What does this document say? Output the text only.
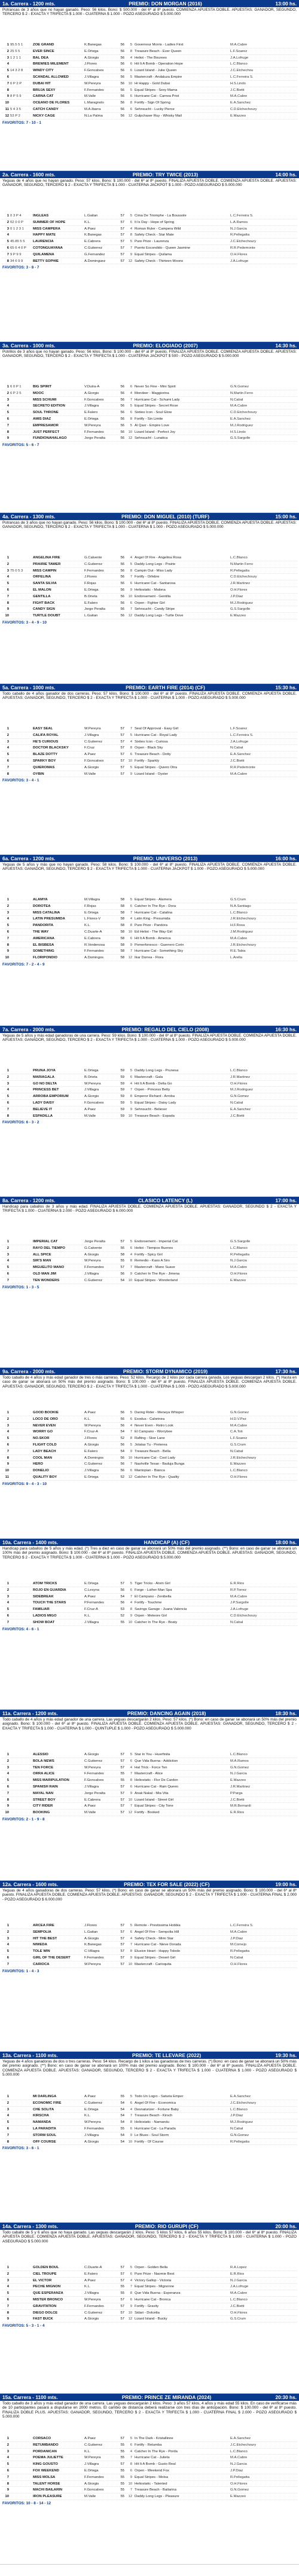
1a. Carrera - 1200 mts.	PREMIO: DON MORGAN (2016)	13:00 hs.
Potrancas de 3 años que no hayan ganado. Peso: 56 kilos. Bono: $ 500.000 - del 6º al 8º puesto. COMIENZA APUESTA DOBLE. APUESTAS: GANADOR, SEGUNDO, TERCERO $ 2 - EXACTA Y TRIFECTA $ 1.000 - CUATERNA $ 1.000 - POZO ASEGURADO $ 5.000.000
1 95.5 5 1	ZOE GRAND	K.Banegas	56	5 Governeur Morris - Ladies First	M.A.Cabre
2 25 5 5	EVER SINCE	E.Ortega	56	8 Treasure Beach - Ever Queen	L.F.Soarez
3 1 2 1 1	BAL DEA	A.Giorgis	56	4 Heliot - The Bourees	J.A.Lofruge
4	BREWIES MILEMENT	J.Flores	56	6 Hit It A Bomb - Operation Hope	L.C.Blanco
5 14 3 2 8	WINDY CITY	F.Goncalves	56	6 Lizard Island - Juke Queen	J.C.Etchechou
6	SCANDAL ALLOWED	J.Villagra	56	5 Mastercraft - Andaluza Empire	L.C.Ferreira S.
7 6 P 2 P	DUBAI HIT	W.Pereyra	56	10 Hi Happy - Gold Dubai	H.S.Lindo
8	BRUJA SEXY	F.Fernandes	56	5 Equal Stripes - Sexy Mama	J.C.Bietti
9 8 P 5 9	CARNA CAT	M.Valle	56	6 Hurricane Cat - Carnea Prist	M.A.Cabre
10	OCEANO DE FLORES	L.Maragnolo	56	8 Fortify - Sign Of Spring	E.A.Sanchez
11 5 4 3 5	CATCH CANDY	M.A.Ibarra	56	6 Sehnsucht - Lucky Pierce	C.D.Etchechoury
12 53 P 2	NICKY CAGE	N.La Palma	56	12 Gulpchaser Ruy - Whisky Mail	E.Mazzeo
FAVORITOS: 7 - 10 - 1
2a. Carrera - 1600 mts.	PREMIO: TRY TWICE (2013)	14:00 hs.
Yeguas de 4 años que no hayan ganado. Peso: 57 kilos. Bono: $ 100.000 - del 6º al 8º puesto. FINALIZA APUESTA DOBLE. COMIENZA APUESTA DOBLE. APUESTAS: GANADOR, SEGUNDO, TERCERO $ 2 - EXACTA Y TRIFECTA $ 1.000 - CUATERNA JACKPOT $ 1.000 - POZO ASEGURADO $ 5.000.000
1 0 3 P 4	INGLEAS	L.Gaitan	57	5 Cima De Triomphe - La Boussole	L.C.Ferreira S.
2 02 0 0 P	SUMMER OF HOPE	K.L.	57	6 It Is Day - Hope of Spring	L.A.Ramos
3 0 1 2 3 1	MISS CAMPERA	A.Paez	57	4 Roman Ruler - Campera Wild	N.J.Garcia
4	HAPPY MATE	K.Banegas	57	8 Safety Check - Star Mate	R.Pellegatta
5 45.85 5 5	LAURENCIA	E.Cabrera	57	5 Pure Prize - Laurenza	J.C.Etchechoury
6 65 6 4 0 P	COTONGUAYANA	C.Gutierrez	57	7 Puerto Escondido - Queen Jasmine	R.R.Pedemonte
7 9 P 9 9	QUILAMENA	G.Fernandez	57	9 Equal Stripes - Quilama	O.H.Flores
8 34 6 9 9	BETTY SOPHIE	A.Dominguez	57	12 Safety Check - Thirteen Moons	J.A.Lofruge
FAVORITOS: 3 - 8 - 7
3a. Carrera - 1000 mts.	PREMIO: ELOGIADO (2007)	14:30 hs.
Potrillos de 3 años que no hayan ganado. Peso: 56 kilos. Bono: $ 100.000 - del 6º al 8º puesto. FINALIZA APUESTA DOBLE. COMIENZA APUESTA DOBLE. APUESTAS: GANADOR, SEGUNDO, TERCERO $ 2 - EXACTA Y TRIFECTA $ 1.000 - CUATERNA JACKPOT $ 500 - POZO ASEGURADO $ 5.000.000
1 6 0 P 1	BIG SPIRIT	V.Dutra-A	56	6 Never So Fine - Mini Spirit	G.N.Gomez
2 6 P 2 5	MOOC	A.Giorgis	56	4 Mondeer - Maggiorina	N.Martin Ferro
3	MISS SCHUMI	F.Goncalves	56	7 Hurricane Cat - Schumi Lady	N.Cabal
4	SECRETO EDITION	J.Villagra	56	5 Equal Stripes - Secret Rose	M.A.Cabre
5	SOUL THRONE	E.Falero	56	6 Sixties Icon - Soul Glow	C.D.Etchechoury
6	AMIS DIAZ	E.Ortega	56	8 Fortify - Sin Limite	E.A.Sanchez
7	EMPRESAMOR	W.Pereyra	56	5 Al Qasr - Empire Love	M.J.Rodriguez
8	JUST PERFECT	F.Fernandes	56	10 Lizard Island - Perfect Joy	H.S.Lindo
9	FUNDIONAHALAGO	Jorge Peralta	56	12 Sehnsucht - Lunatica	G.S.Sargolle
FAVORITOS: 5 - 6 - 7
4a. Carrera - 1300 mts.	PREMIO: DON MIGUEL (2010) (TURF)	15:00 hs.
Potrancas de 3 años que no hayan ganado. Peso: 56 kilos. Bono: $ 100.000 - del 6º al 8º puesto. FINALIZA APUESTA DOBLE. COMIENZA APUESTA DOBLE. APUESTAS: GANADOR, SEGUNDO, TERCERO $ 2 - EXACTA Y TRIFECTA $ 1.000 - CUATERNA $ 1.000 - POZO ASEGURADO $ 5.000.000
1	ANGELINA FIRE	G.Calvente	56	4 Angel Of Fire - Angelina Rosa	L.C.Blanco
2	PRAIRIE TAWER	C.Gutierrez	56	5 Daddy Long Legs - Prairie	N.Martin Ferro
3 75 0 5 3	MISS CAMPIN	F.Fernandes	56	8 Campin Out - Miss Lady	R.Pellegatta
4	ORFELINA	J.Flores	56	7 Fortify - Orfebre	C.D.Etchechoury
5	SANTA SILVIA	F.Rojas	56	6 Hurricane Cat - Santarosa	J.R.Martinez
6	EL MALON	E.Ortega	56	9 Heliostatic - Malona	O.H.Flores
7	GENTILLA	B.Orieta	56	10 Endorsement - Gentilla	J.P.Diaz
8	FIGHT BACK	E.Falero	56	6 Orpen - Fighter Girl	M.J.Rodriguez
9	CANDY SIGN	Jorge Peralta	56	7 Sehnsucht - Candy Stripe	G.S.Sargolle
10	TURTLE DOUBT	L.Gaitan	56	12 Daddy Long Legs - Turtle Dove	E.Mazzeo
FAVORITOS: 3 - 4 - 9 - 10
5a. Carrera - 1000 mts.	PREMIO: EARTH FIRE (2014) (CF)	15:30 hs.
Todo caballo de 4 años ganador de dos carreras. Peso: 57 kilos. Bono: $ 100.000 - del 6º al 8º puesto. FINALIZA APUESTA DOBLE. COMIENZA APUESTA DOBLE. APUESTAS: GANADOR, SEGUNDO, TERCERO $ 2 - EXACTA Y TRIFECTA $ 1.000 - CUATERNA $ 1.000 - POZO ASEGURADO $ 5.000.000
1	EASY SEAL	W.Pereyra	57	7 Seal Of Approval - Easy Girl	L.F.Soarez
2	CALIFA ROYAL	J.Villagra	57	5 Hurricane Cat - Royal Lady	L.C.Ferreira S.
3	HE'S CURIOUS	C.Gutierrez	57	4 Sixties Icon - Curiosa	J.A.Lofruge
4	DOCTOR BLACKSKY	F.Cruz	57	8 Orpen - Black Sky	N.Cabal
5	BLAZE DOTTY	A.Paez	57	6 Treasure Beach - Dotty	E.A.Sanchez
6	SPARKY BOY	F.Goncalves	57	10 Fortify - Sparkly	J.C.Bietti
7	QUIEROMAS	A.Giorgis	57	5 Equal Stripes - Quiero Otra	R.R.Pedemonte
8	OYBIN	M.Valle	57	9 Lizard Island - Oyster	M.A.Cabre
FAVORITOS: 3 - 4 - 1
6a. Carrera - 1200 mts.	PREMIO: UNIVERSO (2013)	16:00 hs.
Yeguas de 5 años y más que no hayan ganado. Peso: 58 kilos. Bono: $ 100.000 - del 6º al 8º puesto. FINALIZA APUESTA DOBLE. COMIENZA APUESTA DOBLE. APUESTAS: GANADOR, SEGUNDO, TERCERO $ 2 - EXACTA Y TRIFECTA $ 1.000 - CUATERNA JACKPOT $ 1.000 - POZO ASEGURADO $ 5.000.000
1	ALAMYA	M.Villagra	58	5 Equal Stripes - Alamera	G.S.Crum
2	DOROTEA	F.Rojas	58	6 Catcher In The Rye - Dora	N.A.Santiago
3	MISS CATALINA	E.Ortega	58	7 Hurricane Cat - Catalina	L.C.Blanco
4	LATIN PRESUMIDA	L.Flores-V	58	4 Latin King - Presumida	J.R.Etchechoury
5	PANDORITA	K.L.	58	8 Pure Prize - Pandora	H.F.Rosa
6	THE WAY	C.Duarte-A	58	10 Ed Heliot - The Way Girl	J.M.Rodriguez
7	AMERICANA	E.Cabrera	58	6 Hit It A Bomb - America	M.A.Cabre
8	EL BISBESA	R.Verdenosa	58	9 Pomerfonesco - Guerrero Corin	J.R.Etchechoury
9	SOMETHING	F.Fernandes	58	7 Hurricane Cat - Something Sky	R.E.Tabia
10	FLORIPONDIO	A.Domingos	58	12 Ikar Dorrea - Flora	L.Arella
FAVORITOS: 7 - 2 - 4 - 9
7a. Carrera - 2000 mts.	PREMIO: REGALO DEL CIELO (2008)	16:30 hs.
Yeguas de 5 años y más edad ganadoras de una carrera. Peso: 59 kilos. Bono: $ 100.000 - del 6º al 8º puesto. FINALIZA APUESTA DOBLE. COMIENZA APUESTA DOBLE. APUESTAS: GANADOR, SEGUNDO, TERCERO $ 2 - EXACTA Y TRIFECTA $ 1.000 - CUATERNA $ 1.000 - POZO ASEGURADO $ 5.000.000
1	PRUNA JOYA	E.Ortega	59	5 Daddy Long Legs - Prunesa	L.C.Blanco
2	MARIAGALA	B.Orieta	59	6 Mastercraft - Gala	J.R.Martinez
3	GO NO DELTA	W.Pereyra	59	4 Hit It A Bomb - Delta Go	O.H.Flores
4	PRINCESS BET	J.Villagra	59	7 Orpen - Princess Betty	M.J.Rodriguez
5	ARROBA EMPORIUM	A.Giorgis	59	8 Emperor Richard - Arroba	G.N.Gomez
6	LADY DAISY	F.Goncalves	59	5 Equal Stripes - Daisy Lady	N.Cabal
7	BELIEVE IT	A.Paez	59	9 Sehnsucht - Believer	E.A.Sanchez
8	ESPADILLA	M.Valle	59	10 Treasure Beach - Espada	J.C.Bietti
FAVORITOS: 6 - 3 - 2
8a. Carrera - 1200 mts.	CLASICO LATENCY (L)	17:00 hs.
Handicap para caballos de 3 años y más edad. FINALIZA APUESTA DOBLE. COMIENZA APUESTA DOBLE. APUESTAS: GANADOR, SEGUNDO $ 2 - EXACTA Y TRIFECTA $ 1.000 - CUATERNA $ 2.000 - POZO ASEGURADO $ 6.000.000
1	IMPERIAL CAT	Jorge Peralta	57	5 Endorsement - Imperial Cat	G.S.Sargolle
2	RAYO DEL TIEMPO	G.Calvente	56	6 Heliot - Tiempos Buenos	L.C.Blanco
3	ALL SPICE	A.Giorgis	58	4 Fortify - Spicy Girl	R.Pellegatta
4	SIR'S MAN	W.Pereyra	55	8 Remedio - Kaos A Sirs	N.J.Garcia
5	MIGUELITO MANO	F.Fernandes	57	7 Mastercraft - Mano Suave	M.A.Cabre
6	OLD MAN JIM	J.Villagra	56	9 Catcher In The Rye - Jimena	O.H.Flores
7	TEN WONDERS	C.Gutierrez	54	10 Equal Stripes - Wonderland	E.Mazzeo
FAVORITOS: 1 - 3 - 5
9a. Carrera - 2000 mts.	PREMIO: STORM DYNAMICO (2019)	17:30 hs.
Todo caballo de 4 años y más edad ganador de tres o más carreras. Peso: 52 kilos. Recargo de 2 kilos por cada carrera ganada. Los yeguas descargan 2 kilos. (*) Hasta en caso de ganar se abonará un 50% más del premio asignado. Bono: $ 100.000 - del 6º al 8º puesto. FINALIZA APUESTA DOBLE. COMIENZA APUESTA DOBLE. APUESTAS: GANADOR, SEGUNDO, TERCERO $ 2 - EXACTA Y TRIFECTA $ 1.000 - CUATERNA $ 1.000 - POZO ASEGURADO $ 5.000.000
1	GOOD BOOKIE	A.Paez	56	5 Daring Rider - Meneya Whisper	G.N.Gomez
2	LOCO DE ORO	K.L.	56	6 Exodus - Calorinea	H.D.V.Pez
3	NEVER EVEN	W.Pereyra	56	4 Never Even - Retro Look	M.A.Cabre
4	WORRY GO	F.Cruz-A	54	7 El Campano - Worrybee	C.A.Toti
5	NO.SKOR	J.Flores	52	8 Rafting - Skor Lane	L.F.Soarez
6	FLIGHT COLD	A.Giorgis	56	5 Jolatas Tu - Preterea	G.S.Crum
7	LADY BEACH	E.Falero	54	9 Treasure Beach - Bella	N.Cabal
8	COOL MAN	A.Domingos	56	10 Hurricane Cat - Cool Lady	J.R.Etchechoury
9	HERO	C.Gutierrez	56	7 Nashville Texan - Baduja Bunga	E.Mazzeo
10	DONELIO	J.Villagra	56	6 Mantopian - Bianca	L.C.Blanco
11	QUALITY BOY	E.Ortega	52	12 Catcher In The Rye - Quality	O.H.Flores
FAVORITOS: 9 - 4 - 3 - 10
10a. Carrera - 1400 mts.	HANDICAP (A) (CF)	18:00 hs.
Handicap para caballos de 5 años y más edad. (*) Tres a diez en caso de ganar se abonará un 50% más del premio asignado. (**) Bono: en caso de ganar se abonará un 100% más del premio asignado. Bono: $ 100.000 - del 6º al 8º puesto. FINALIZA APUESTA DOBLE. COMIENZA APUESTA DOBLE. APUESTAS: GANADOR, SEGUNDO, TERCERO $ 2 - EXACTA Y TRIFECTA $ 1.000 - CUATERNA $ 1.000 - POZO ASEGURADO $ 5.000.000
1	ATOM TRICKS	E.Ortega	57	5 Tiger Tricks - Atom Girl	E.R.Rios
2	ROJO EN GUARDIA	C.Lesyna	56	6 Forge - Luther Man Spa	R.P.Torrez
3	SIDEBREAK	A.Paez	54	7 El Campano - Zenibella	M.A.Cabre
4	TOUCH THE STARS	P.Fernandes	56	4 Fortify - Touchme	J.P.Sargolle
5	FAMILIAR	F.Cruz-A	53	8 Savings Garage - Juana Valencia	J.A.Lofruge
6	LADIOS MIGO	K.L.	52	9 Orpen - Meteore Girl	C.D.Etchechoury
7	SHOW BOAT	J.Villagra	55	10 Catcher In The Rye - Boaty	N.Cabal
FAVORITOS: 4 - 6 - 1
11a. Carrera - 1200 mts.	PREMIO: DANCING AGAIN (2018)	18:30 hs.
Todo caballo de 4 años y más edad ganador de una carrera. Las yeguas descargarán 2 kilos. Peso: 57 kilos. (*) Bono: en caso de ganar se abonará un 50% más del premio asignado. Bono: $ 100.000 - del 6º al 8º puesto. FINALIZA APUESTA DOBLE. COMIENZA APUESTA DOBLE. APUESTAS: GANADOR, SEGUNDO, TERCERO $ 2 - EXACTA Y TRIFECTA $ 1.000 - CUATERNA $ 1.000 - QUINTUPLE $ 1.000 - POZO ASEGURADO $ 5.000.000
1	ALESSIO	A.Giorgis	57	5 Star In You - Huerfinita	L.C.Blanco
2	BOLA NEWS	C.Gutierrez	57	6 Que Vida Buena - Addiction	M.A.Ramos
3	TEN FORCE	W.Pereyra	57	4 Hat Trick - Force Ten	G.N.Gomez
4	ORRA ALICE	F.Fernandes	55	7 Mastercraft - Alice	N.J.Garcia
5	MISS MARIPULATION	F.Goncalves	55	8 Heliostatic - Flor De Cardon	E.Mazzeo
6	SPANISH RAIN	J.Villagra	57	6 Hurricane Cat - Rain Queen	J.R.Martinez
7	MAYAL NAN	Jorge Peralta	57	9 Anak Nakal - Mia Vita	P.Parga
8	STREET BOY	E.Cabrera	57	10 Lizard Island - Street Girl	J.C.Bietti
9	CITY RIDER	A.Paez	57	7 Equal Stripes - City Tone	M.R.Bernardi
10	BOOKING	M.Valle	57	12 Fortify - Booked	E.R.Rios
FAVORITOS: 2 - 1 - 9 - 8
12a. Carrera - 1600 mts.	PREMIO: TEX FOR SALE (2022) (CF)	19:00 hs.
Yeguas de 4 años ganadoras de dos carreras. Peso: 57 kilos. (*) Bono: en caso de ganar se abonará un 50% más del premio asignado. Bono: $ 100.000 - del 6º al 8º puesto. FINALIZA APUESTA DOBLE. COMIENZA APUESTA DOBLE. APUESTAS: GANADOR, SEGUNDO $ 2 - EXACTA Y TRIFECTA $ 1.000 - CUATERNA FINAL $ 2.000 - POZO ASEGURADO $ 6.000.000
1	ARCEA FIRE	J.Flores	57	5 Remote - Prestissima Hobbia	L.C.Ferreira S.
2	SEMPOLIA	L.Gaitan	57	6 Angel Of Fire - Sempolia Hill	M.A.Cabre
3	HIT THE BEST	A.Giorgis	57	4 Safety Check - Mimi Star	J.P.Diaz
4	NIWEDA	K.Banegas	57	7 Hurricane Cat - Nieve Dorada	M.Cornejo
5	TOLE WIN	C.Villagra	57	8 Elusive Heart - Happy Toledo	R.Pellegatta
6	GIRL OF THE DESERT	F.Fernandes	57	9 Equal Stripes - Desert Girl	N.Cabal
7	CARIOCA	W.Pereyra	57	10 Mastercraft - Carioquita	O.H.Flores
FAVORITOS: 1 - 4 - 3
13a. Carrera - 1100 mts.	PREMIO: TE LLEVARE (2022)	19:30 hs.
Yeguas de 4 años ganadoras de dos o tres carreras. Peso: 54 kilos. Recargo de 1 kilos a las ganadoras de tres carreras. (*) Bono: en caso de ganar se abonará un 50% más del premio asignado. (**) Bono: en caso de ganar se abonará un 100% más del premio asignado. Bono: $ 100.000 - del 6º al 8º puesto. FINALIZA APUESTA DOBLE. COMIENZA APUESTA DOBLE. APUESTAS: GANADOR, SEGUNDO, TERCERO $ 2 - EXACTA Y TRIFECTA $ 1.000 - CUATERNA $ 1.000 - POZO ASEGURADO $ 5.000.000
1	MI DARLINGA	A.Paez	55	5 Todo Un Logro - Saturia Emper	E.A.Sanchez
2	ECONOMIC FIRE	C.Gutierrez	54	6 Angel Of Fire - Economica	J.C.Etchechoury
3	CHE SOLITA	E.Ortega	54	4 Desnaturizer - Fortune Baby	L.C.Blanco
4	KIRSCHA	K.L.	54	7 Treasure Beach - Kirsch	J.P.Diaz
5	NAMANDA	W.Pereyra	54	8 Heliostatic - Namandu	M.J.Rodriguez
6	LA PARADITA	F.Fernandes	55	6 Hurricane Cat - La Parada	N.Cabal
7	STORM SOUL	J.Villagra	54	9 Le Blues - Soul Storm	G.N.Gomez
8	OFF COURSE	A.Giorgis	54	10 Fortify - Of Course	R.Pellegatta
FAVORITOS: 3 - 6 - 1
14a. Carrera - 1300 mts.	PREMIO: RIO GURUPI (CF)	20:00 hs.
Todo caballo de 5 y 6 años que no haya ganado. Las yeguas descargarán 2 kilos. Peso: 5 kilos 57 kilos, 6 años 55 kilos. Bono: $ 100.000 - del 6º al 8º puesto. FINALIZA APUESTA DOBLE. COMIENZA APUESTA DOBLE. APUESTAS: GANADOR, SEGUNDO, TERCERO $ 2 - EXACTA Y TRIFECTA $ 1.000 - CUATERNA $ 1.000 - POZO ASEGURADO $ 5.000.000
1	GOLDEN BOUL	C.Duarte-A	57	5 Orpen - Golden Bella	R.A.Lopez
2	CIEL TROUPE	E.Falero	57	6 Pure Prize - Naomie Best	E.R.Rios
3	EL VICTOR	A.Paez	57	4 Victory Gallop - Victoria	N.J.Garcia
4	PECHE MIGNON	K.L.	55	7 Equal Stripes - Mignonne	J.A.Lofruge
5	QUE ESPERANZA	J.Villagra	55	8 Que Vida Buena - Esperanza	M.A.Cabre
6	MISTER BRONCO	W.Pereyra	57	6 Hurricane Cat - Bronca	L.C.Blanco
7	GRAVITATION	F.Fernandes	57	9 Fortify - Gravity	J.C.Bietti
8	DIEGO DOLCE	C.Gutierrez	57	10 Sidari - Dolcetta	O.H.Flores
9	FAST BUCK	A.Giorgis	57	12 Lizard Island - Bucky	G.S.Crum
FAVORITOS: 5 - 3 - 1 - 4
15a. Carrera - 1100 mts.	PREMIO: PRINCE ZE MIRANDA (2024)	20:30 hs.
Todo caballo de 3 años y más edad ganador de una carrera. Las yeguas descargarán 2 kilos. Peso: 3 años 57 kilos, 4 años y más edad 55 kilos. En caso de verificarse más de 10 participantes pasará a disputarse en 2000 metros. El cambio de distancia deberá realizarse con tres días de anticipación. Bono: $ 100.000 - del 6º al 8º puesto. FINALIZA DOBLE PLUS. APUESTAS: GANADOR, SEGUNDO, TERCERO $ 2 - EXACTA Y TRIFECTA $ 1.000 - CUATERNA FINAL $ 2.000 - POZO ASEGURADO $ 5.000.000
1	CORSACO	A.Paez	57	5 In The Dark - Kristallinne	E.A.Sanchez
2	RETUMBANDO	C.Gutierrez	55	6 Fortify - Retumba	J.C.Etchechoury
3	PORDANICAN	K.L.	55	4 Catcher In The Rye - Porda	L.C.Blanco
4	POEMA JULIETTE	W.Pereyra	55	7 Hurricane Cat - Julieta	M.A.Cabre
5	KING GOUSTO	J.Villagra	57	8 Hit It A Bomb - Gusto Real	N.J.Garcia
6	FOX WEEKEND	E.Ortega	55	6 Orpen - Weekend Fox	J.P.Diaz
7	MISS MOLSA	F.Fernandes	55	9 Equal Stripes - Molsa	R.Pellegatta
8	TALENT HORSE	A.Giorgis	55	10 Heliostatic - Talented	O.H.Flores
9	MACHI BAILARIN	F.Goncalves	55	7 Treasure Beach - Bailarina	G.N.Gomez
10	IRON PLEASURE	M.Valle	55	12 Daddy Long Legs - Pleasure	E.Mazzeo
FAVORITOS: 10 - 8 - 14 - 12
